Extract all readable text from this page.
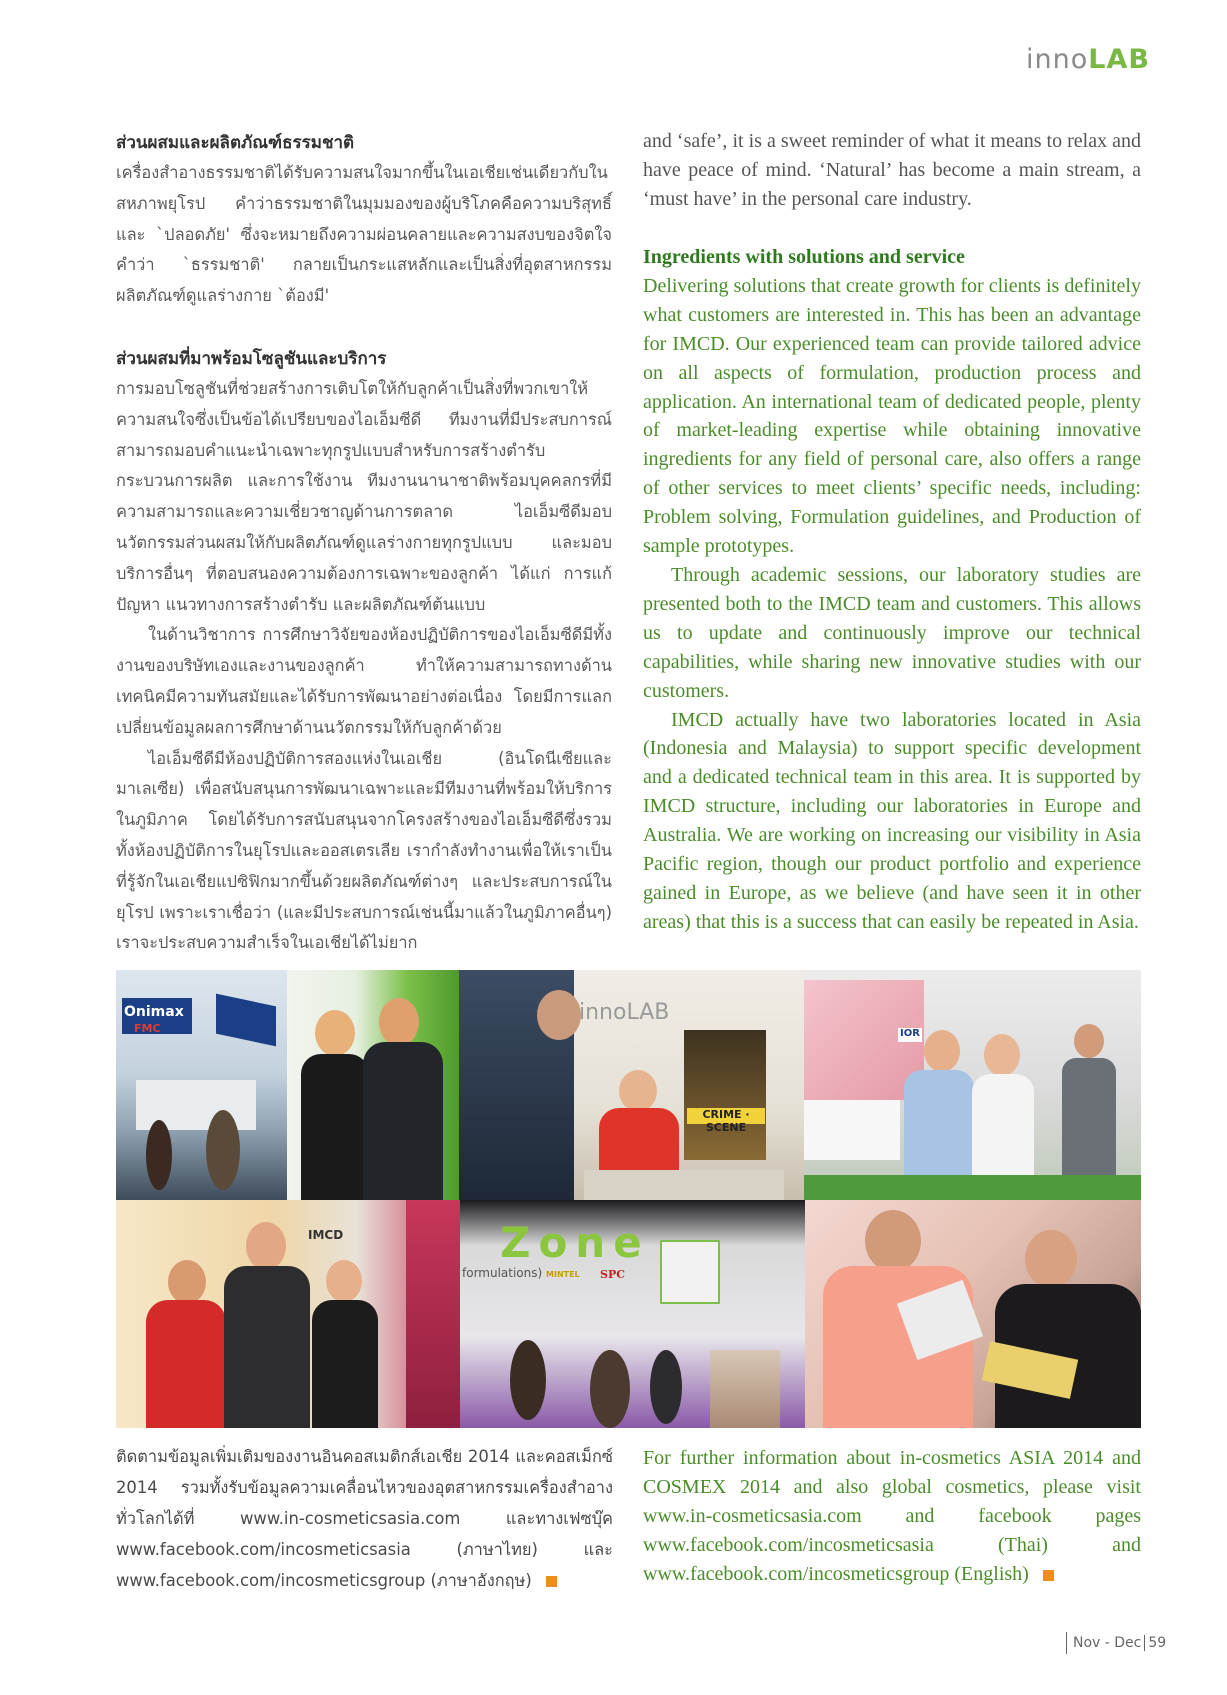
innoLAB
ส่วนผสมและผลิตภัณฑ์ธรรมชาติ

เครื่องสำอางธรรมชาติได้รับความสนใจมากขึ้นในเอเชียเช่นเดียวกับในสหภาพยุโรป คำว่าธรรมชาติในมุมมองของผู้บริโภคคือความบริสุทธิ์และ `ปลอดภัย' ซึ่งจะหมายถึงความผ่อนคลายและความสงบของจิตใจ คำว่า `ธรรมชาติ' กลายเป็นกระแสหลักและเป็นสิ่งที่อุตสาหกรรมผลิตภัณฑ์ดูแลร่างกาย `ต้องมี'

ส่วนผสมที่มาพร้อมโซลูชันและบริการ

การมอบโซลูชันที่ช่วยสร้างการเติบโตให้กับลูกค้าเป็นสิ่งที่พวกเขาให้ความสนใจซึ่งเป็นข้อได้เปรียบของไอเอ็มซีดี ทีมงานที่มีประสบการณ์สามารถมอบคำแนะนำเฉพาะทุกรูปแบบสำหรับการสร้างตำรับ กระบวนการผลิต และการใช้งาน ทีมงานนานาชาติพร้อมบุคคลกรที่มีความสามารถและความเชี่ยวชาญด้านการตลาด ไอเอ็มซีดีมอบนวัตกรรมส่วนผสมให้กับผลิตภัณฑ์ดูแลร่างกายทุกรูปแบบ และมอบบริการอื่นๆ ที่ตอบสนองความต้องการเฉพาะของลูกค้า ได้แก่ การแก้ปัญหา แนวทางการสร้างตำรับ และผลิตภัณฑ์ต้นแบบ

ในด้านวิชาการ การศึกษาวิจัยของห้องปฏิบัติการของไอเอ็มซีดีมีทั้งงานของบริษัทเองและงานของลูกค้า ทำให้ความสามารถทางด้านเทคนิคมีความทันสมัยและได้รับการพัฒนาอย่างต่อเนื่อง โดยมีการแลกเปลี่ยนข้อมูลผลการศึกษาด้านนวัตกรรมให้กับลูกค้าด้วย

ไอเอ็มซีดีมีห้องปฏิบัติการสองแห่งในเอเชีย (อินโดนีเซียและมาเลเซีย) เพื่อสนับสนุนการพัฒนาเฉพาะและมีทีมงานที่พร้อมให้บริการในภูมิภาค โดยได้รับการสนับสนุนจากโครงสร้างของไอเอ็มซีดีซึ่งรวมทั้งห้องปฏิบัติการในยุโรปและออสเตรเลีย เรากำลังทำงานเพื่อให้เราเป็นที่รู้จักในเอเชียแปซิฟิกมากขึ้นด้วยผลิตภัณฑ์ต่างๆ และประสบการณ์ในยุโรป เพราะเราเชื่อว่า (และมีประสบการณ์เช่นนี้มาแล้วในภูมิภาคอื่นๆ) เราจะประสบความสำเร็จในเอเชียได้ไม่ยาก

and ‘safe’, it is a sweet reminder of what it means to relax and have peace of mind. ‘Natural’ has become a main stream, a ‘must have’ in the personal care industry.

Ingredients with solutions and service

Delivering solutions that create growth for clients is definitely what customers are interested in. This has been an advantage for IMCD. Our experienced team can provide tailored advice on all aspects of formulation, production process and application. An international team of dedicated people, plenty of market-leading expertise while obtaining innovative ingredients for any field of personal care, also offers a range of other services to meet clients’ specific needs, including: Problem solving, Formulation guidelines, and Production of sample prototypes.

Through academic sessions, our laboratory studies are presented both to the IMCD team and customers. This allows us to update and continuously improve our technical capabilities, while sharing new innovative studies with our customers.

IMCD actually have two laboratories located in Asia (Indonesia and Malaysia) to support specific development and a dedicated technical team in this area. It is supported by IMCD structure, including our laboratories in Europe and Australia. We are working on increasing our visibility in Asia Pacific region, though our product portfolio and experience gained in Europe, as we believe (and have seen it in other areas) that this is a success that can easily be repeated in Asia.

Onimax
FMC
innoLAB
CRIME · SCENE
IOR
IMCD	Zone
formulations) MINTEL SPC

ติดตามข้อมูลเพิ่มเติมของงานอินคอสเมติกส์เอเชีย 2014 และคอสเม็กซ์ 2014 รวมทั้งรับข้อมูลความเคลื่อนไหวของอุตสาหกรรมเครื่องสำอางทั่วโลกได้ที่ www.in-cosmeticsasia.com และทางเฟซบุ๊ค www.facebook.com/incosmeticsasia (ภาษาไทย) และ www.facebook.com/incosmeticsgroup (ภาษาอังกฤษ)

For further information about in-cosmetics ASIA 2014 and COSMEX 2014 and also global cosmetics, please visit www.in-cosmeticsasia.com and facebook pages www.facebook.com/incosmeticsasia (Thai) and www.facebook.com/incosmeticsgroup (English)

Nov - Dec 59
